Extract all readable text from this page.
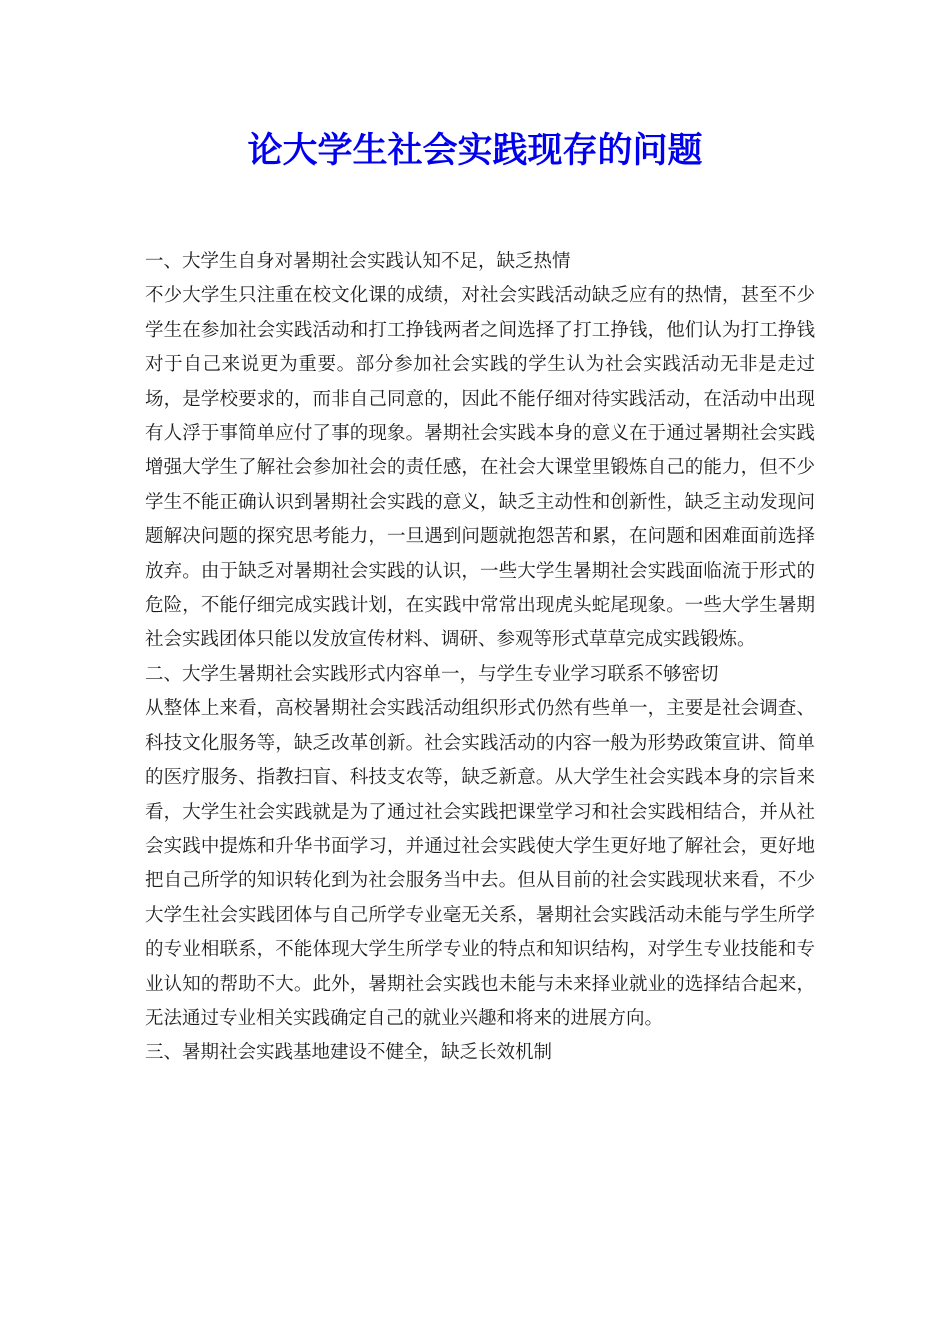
论大学生社会实践现存的问题

一、大学生自身对暑期社会实践认知不足，缺乏热情

不少大学生只注重在校文化课的成绩，对社会实践活动缺乏应有的热情，甚至不少学生在参加社会实践活动和打工挣钱两者之间选择了打工挣钱，他们认为打工挣钱对于自己来说更为重要。部分参加社会实践的学生认为社会实践活动无非是走过场，是学校要求的，而非自己同意的，因此不能仔细对待实践活动，在活动中出现有人浮于事简单应付了事的现象。暑期社会实践本身的意义在于通过暑期社会实践增强大学生了解社会参加社会的责任感，在社会大课堂里锻炼自己的能力，但不少学生不能正确认识到暑期社会实践的意义，缺乏主动性和创新性，缺乏主动发现问题解决问题的探究思考能力，一旦遇到问题就抱怨苦和累，在问题和困难面前选择放弃。由于缺乏对暑期社会实践的认识，一些大学生暑期社会实践面临流于形式的危险，不能仔细完成实践计划，在实践中常常出现虎头蛇尾现象。一些大学生暑期社会实践团体只能以发放宣传材料、调研、参观等形式草草完成实践锻炼。

二、大学生暑期社会实践形式内容单一，与学生专业学习联系不够密切

从整体上来看，高校暑期社会实践活动组织形式仍然有些单一，主要是社会调查、科技文化服务等，缺乏改革创新。社会实践活动的内容一般为形势政策宣讲、简单的医疗服务、指教扫盲、科技支农等，缺乏新意。从大学生社会实践本身的宗旨来看，大学生社会实践就是为了通过社会实践把课堂学习和社会实践相结合，并从社会实践中提炼和升华书面学习，并通过社会实践使大学生更好地了解社会，更好地把自己所学的知识转化到为社会服务当中去。但从目前的社会实践现状来看，不少大学生社会实践团体与自己所学专业毫无关系，暑期社会实践活动未能与学生所学的专业相联系，不能体现大学生所学专业的特点和知识结构，对学生专业技能和专业认知的帮助不大。此外，暑期社会实践也未能与未来择业就业的选择结合起来，无法通过专业相关实践确定自己的就业兴趣和将来的进展方向。

三、暑期社会实践基地建设不健全，缺乏长效机制
